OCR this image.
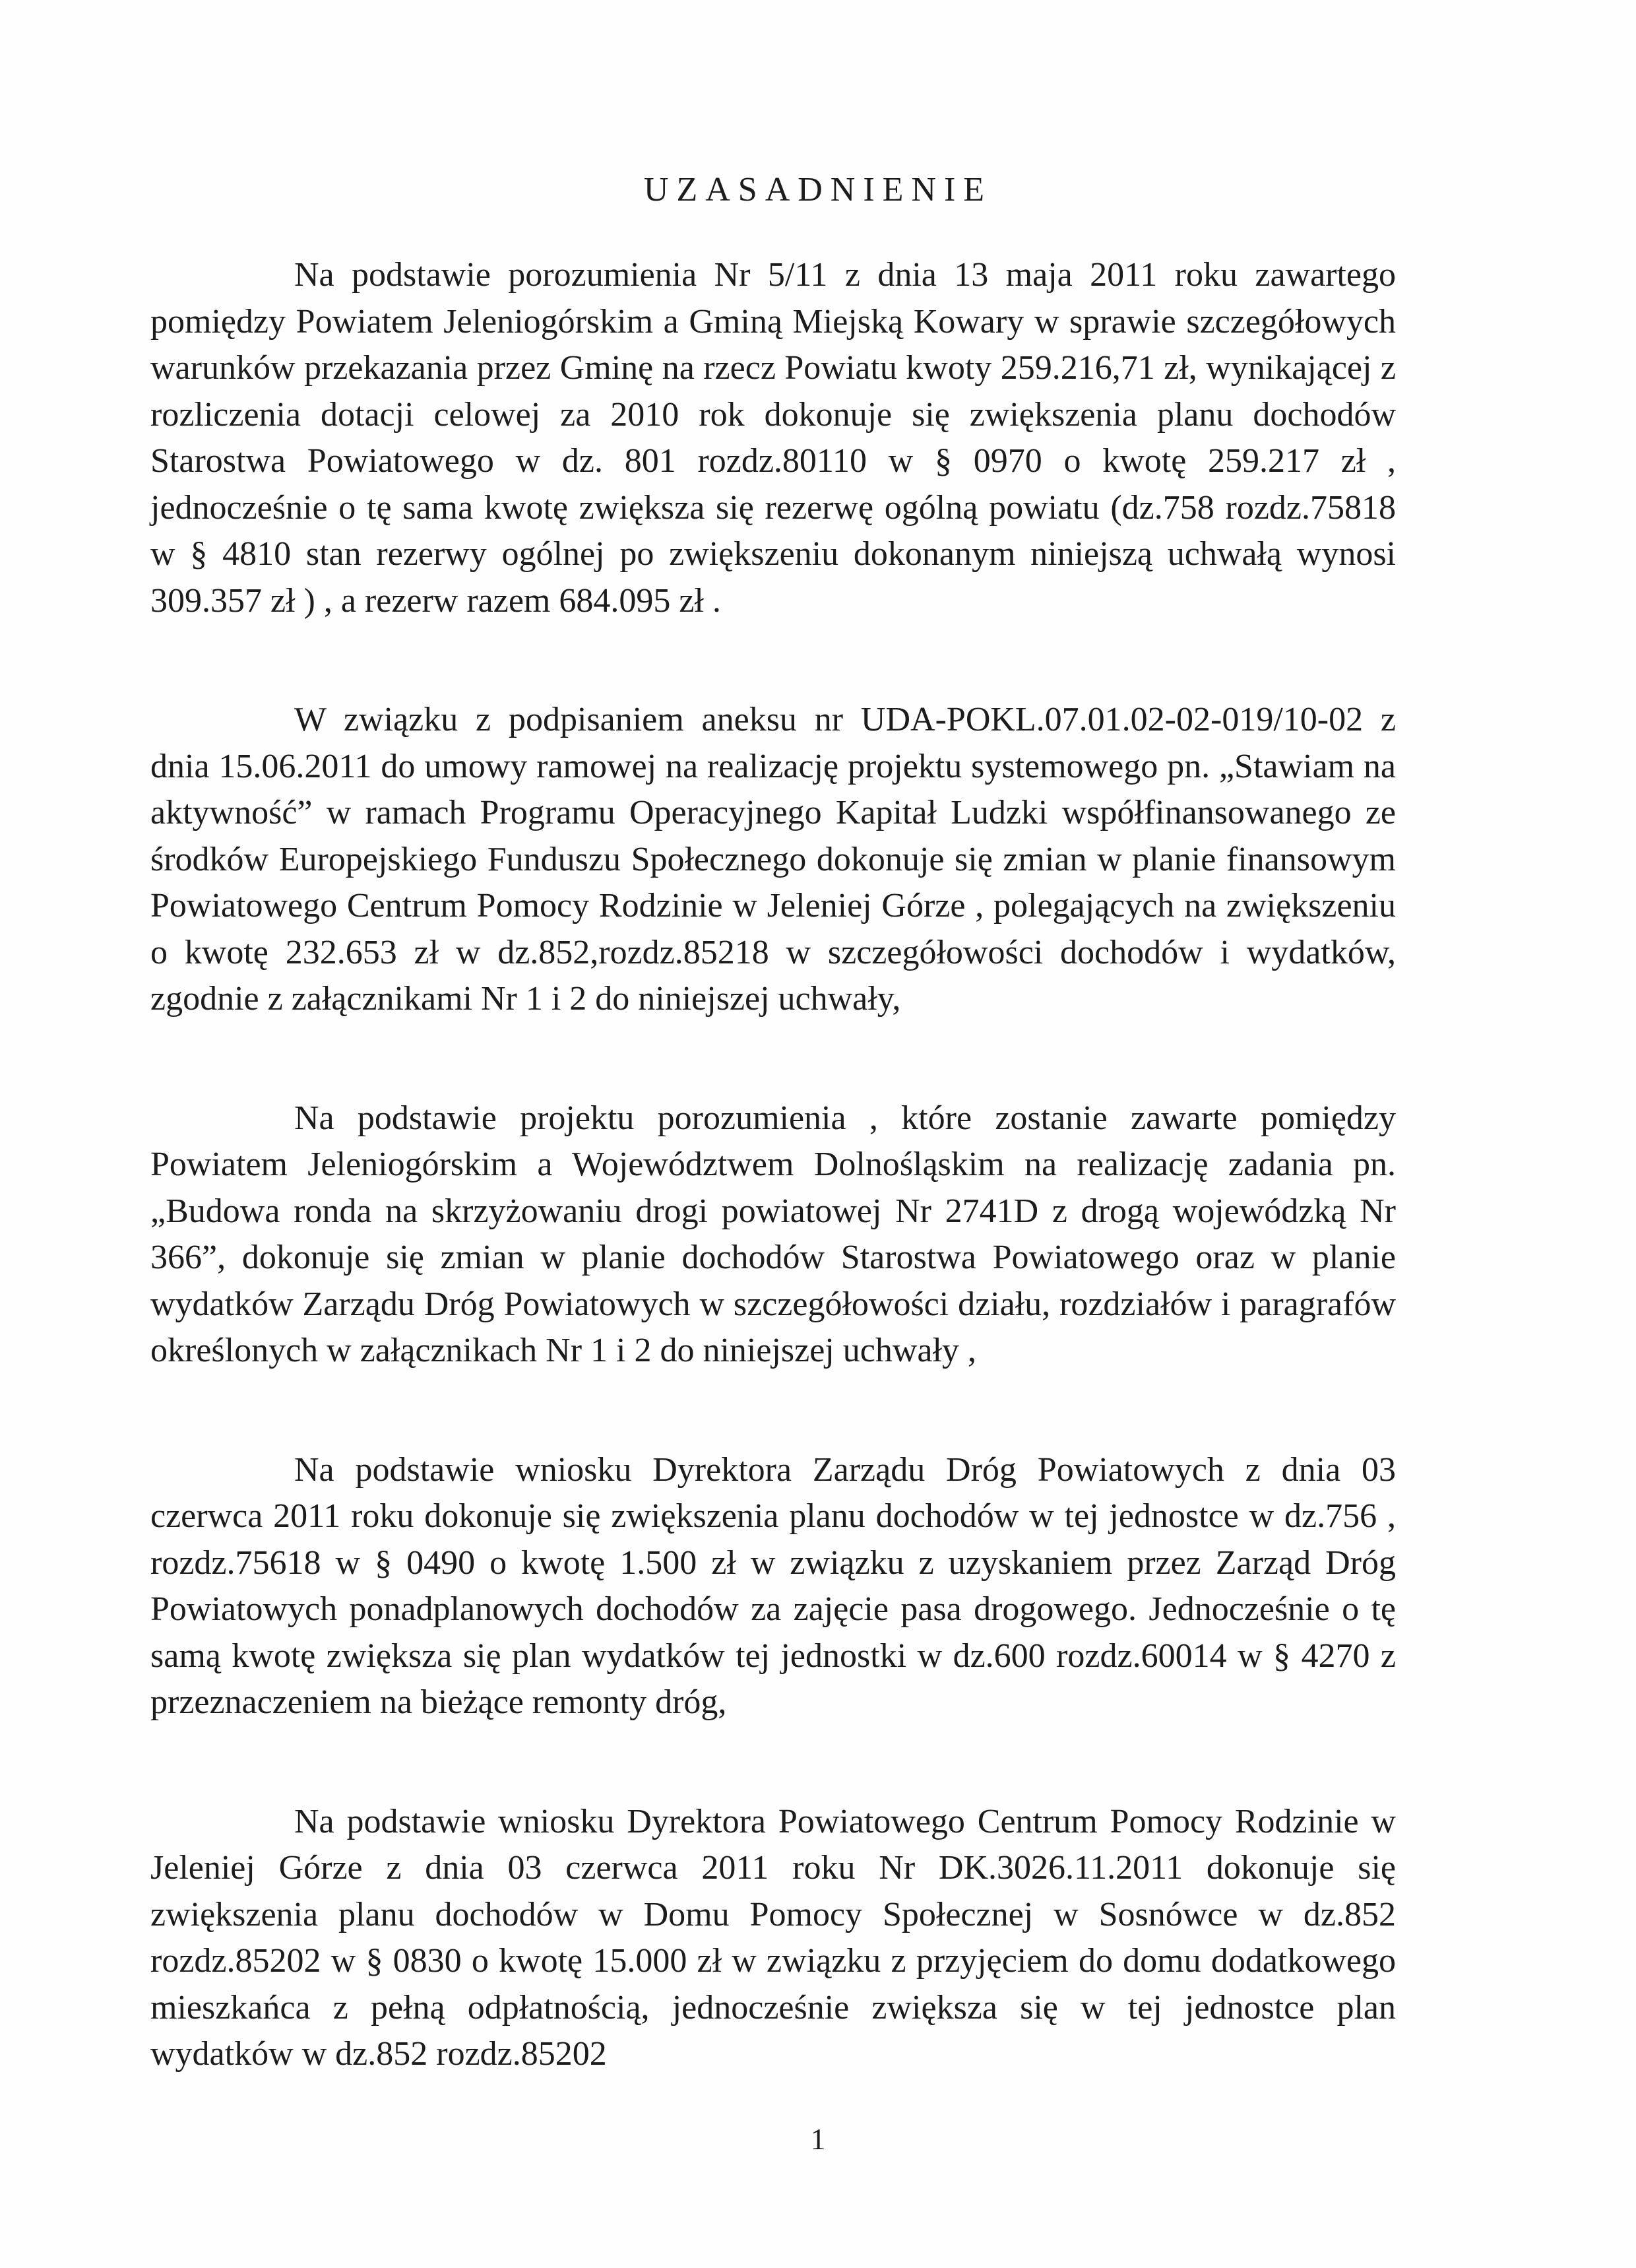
UZASADNIENIE

Na podstawie porozumienia Nr 5/11 z dnia 13 maja 2011 roku zawartego pomiędzy Powiatem Jeleniogórskim a Gminą Miejską Kowary w sprawie szczegółowych warunków przekazania przez Gminę na rzecz Powiatu kwoty 259.216,71 zł, wynikającej z rozliczenia dotacji celowej za 2010 rok dokonuje się zwiększenia planu dochodów Starostwa Powiatowego w dz. 801 rozdz.80110 w § 0970 o kwotę 259.217 zł , jednocześnie o tę sama kwotę zwiększa się rezerwę ogólną powiatu (dz.758 rozdz.75818 w § 4810 stan rezerwy ogólnej po zwiększeniu dokonanym niniejszą uchwałą wynosi 309.357 zł ) , a rezerw razem 684.095 zł .

W związku z podpisaniem aneksu nr UDA-POKL.07.01.02-02-019/10-02 z dnia 15.06.2011 do umowy ramowej na realizację projektu systemowego pn. „Stawiam na aktywność” w ramach Programu Operacyjnego Kapitał Ludzki współfinansowanego ze środków Europejskiego Funduszu Społecznego dokonuje się zmian w planie finansowym Powiatowego Centrum Pomocy Rodzinie w Jeleniej Górze , polegających na zwiększeniu o kwotę 232.653 zł w dz.852,rozdz.85218 w szczegółowości dochodów i wydatków, zgodnie z załącznikami Nr 1 i 2 do niniejszej uchwały,

Na podstawie projektu porozumienia , które zostanie zawarte pomiędzy Powiatem Jeleniogórskim a Województwem Dolnośląskim na realizację zadania pn. „Budowa ronda na skrzyżowaniu drogi powiatowej Nr 2741D z drogą wojewódzką Nr 366”, dokonuje się zmian w planie dochodów Starostwa Powiatowego oraz w planie wydatków Zarządu Dróg Powiatowych w szczegółowości działu, rozdziałów i paragrafów określonych w załącznikach Nr 1 i 2 do niniejszej uchwały ,

Na podstawie wniosku Dyrektora Zarządu Dróg Powiatowych z dnia 03 czerwca 2011 roku dokonuje się zwiększenia planu dochodów w tej jednostce w dz.756 , rozdz.75618 w § 0490 o kwotę 1.500 zł w związku z uzyskaniem przez Zarząd Dróg Powiatowych ponadplanowych dochodów za zajęcie pasa drogowego. Jednocześnie o tę samą kwotę zwiększa się plan wydatków tej jednostki w dz.600 rozdz.60014 w § 4270 z przeznaczeniem na bieżące remonty dróg,

Na podstawie wniosku Dyrektora Powiatowego Centrum Pomocy Rodzinie w Jeleniej Górze z dnia 03 czerwca 2011 roku Nr DK.3026.11.2011 dokonuje się zwiększenia planu dochodów w Domu Pomocy Społecznej w Sosnówce w dz.852 rozdz.85202 w § 0830 o kwotę 15.000 zł w związku z przyjęciem do domu dodatkowego mieszkańca z pełną odpłatnością, jednocześnie zwiększa się w tej jednostce plan wydatków w dz.852 rozdz.85202

1
